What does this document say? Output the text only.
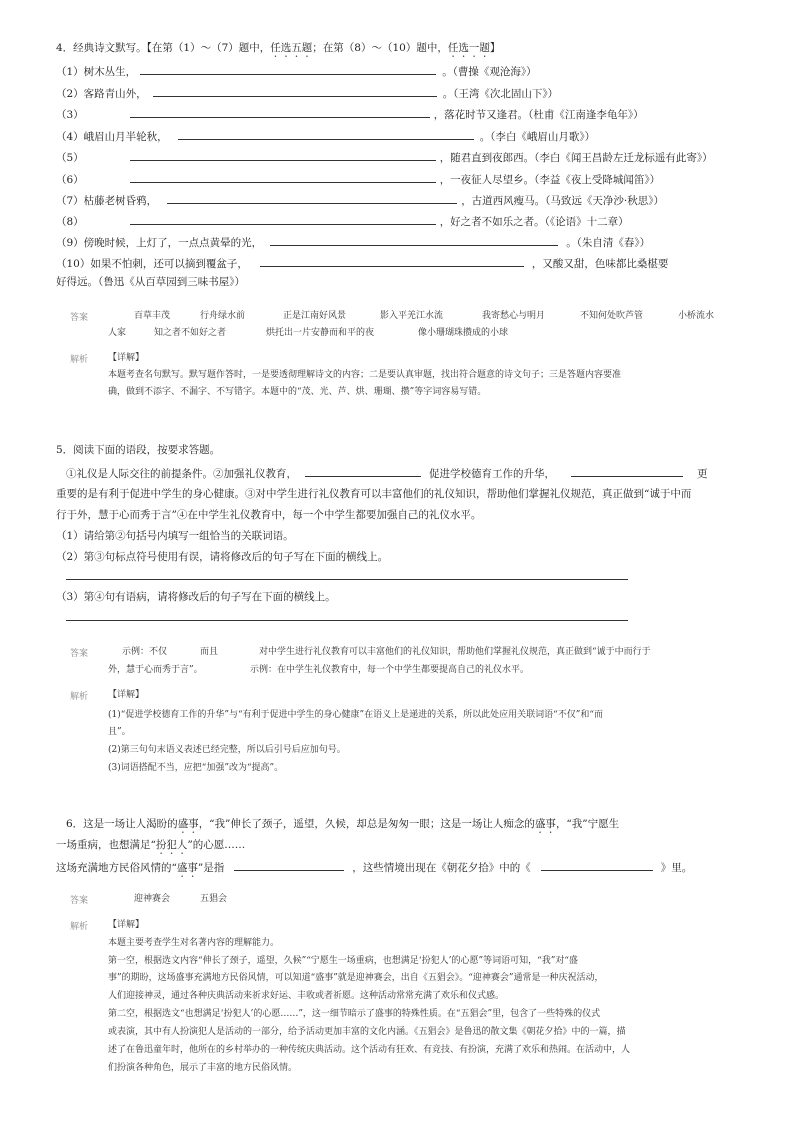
4．经典诗文默写。【在第（1）～（7）题中，任选五题；在第（8）～（10）题中，任选一题】
（1）树木丛生，	。（曹操《观沧海》）
（2）客路青山外，	。（王湾《次北固山下》）
（3）	，落花时节又逢君。（杜甫《江南逢李龟年》）
（4）峨眉山月半轮秋，	。（李白《峨眉山月歌》）
（5）	，随君直到夜郎西。（李白《闻王昌龄左迁龙标遥有此寄》）
（6）	，一夜征人尽望乡。（李益《夜上受降城闻笛》）
（7）枯藤老树昏鸦，	，古道西风瘦马。（马致远《天净沙·秋思》）
（8）	，好之者不如乐之者。（《论语》十二章）
（9）傍晚时候，上灯了，一点点黄晕的光，	。（朱自清《春》）
（10）如果不怕刺，还可以摘到覆盆子，	，又酸又甜，色味都比桑椹要
好得远。（鲁迅《从百草园到三味书屋》）
答案	百草丰茂	行舟绿水前	正是江南好风景	影入平羌江水流	我寄愁心与明月	不知何处吹芦管	小桥流水
人家	知之者不如好之者	烘托出一片安静而和平的夜	像小珊瑚珠攒成的小球
解析 【详解】
本题考查名句默写。默写题作答时，一是要透彻理解诗文的内容；二是要认真审题，找出符合题意的诗文句子；三是答题内容要准
确，做到不添字、不漏字、不写错字。本题中的“茂、光、芦、烘、珊瑚、攒”等字词容易写错。
5．阅读下面的语段，按要求答题。
①礼仪是人际交往的前提条件。②加强礼仪教育，	促进学校德育工作的升华，	更
重要的是有利于促进中学生的身心健康。③对中学生进行礼仪教育可以丰富他们的礼仪知识，帮助他们掌握礼仪规范，真正做到“诚于中而
行于外，慧于心而秀于言”④在中学生礼仪教育中，每一个中学生都要加强自己的礼仪水平。
（1）请给第②句括号内填写一组恰当的关联词语。
（2）第③句标点符号使用有误，请将修改后的句子写在下面的横线上。
（3）第④句有语病，请将修改后的句子写在下面的横线上。
答案	示例：不仅	而且	对中学生进行礼仪教育可以丰富他们的礼仪知识，帮助他们掌握礼仪规范，真正做到“诚于中而行于
外，慧于心而秀于言”。	示例：在中学生礼仪教育中，每一个中学生都要提高自己的礼仪水平。
解析 【详解】
(1)“促进学校德育工作的升华”与“有利于促进中学生的身心健康”在语义上是递进的关系，所以此处应用关联词语“不仅”和“而
且”。
(2)第三句句末语义表述已经完整，所以后引号后应加句号。
(3)词语搭配不当，应把“加强”改为“提高”。
6．这是一场让人渴盼的盛事，“我”伸长了颈子，遥望，久候，却总是匆匆一眼；这是一场让人痴念的盛事，“我”宁愿生
一场重病，也想满足“扮犯人”的心愿……
这场充满地方民俗风情的“盛事”是指	，这些情境出现在《朝花夕拾》中的《	》里。
答案	迎神赛会	五猖会
解析 【详解】
本题主要考查学生对名著内容的理解能力。
第一空，根据选文内容“伸长了颈子，遥望，久候”“宁愿生一场重病，也想满足‘扮犯人’的心愿”等词语可知，“我”对“盛
事”的期盼，这场盛事充满地方民俗风情，可以知道“盛事”就是迎神赛会，出自《五猖会》。“迎神赛会”通常是一种庆祝活动，
人们迎接神灵，通过各种庆典活动来祈求好运、丰收或者祈愿。这种活动常常充满了欢乐和仪式感。
第二空，根据选文“也想满足‘扮犯人’的心愿……”，这一细节暗示了盛事的特殊性质。在“五猖会”里，包含了一些特殊的仪式
或表演，其中有人扮演犯人是活动的一部分，给予活动更加丰富的文化内涵。《五猖会》是鲁迅的散文集《朝花夕拾》中的一篇，描
述了在鲁迅童年时，他所在的乡村举办的一种传统庆典活动。这个活动有狂欢、有竞技、有扮演，充满了欢乐和热闹。在活动中，人
们扮演各种角色，展示了丰富的地方民俗风情。
